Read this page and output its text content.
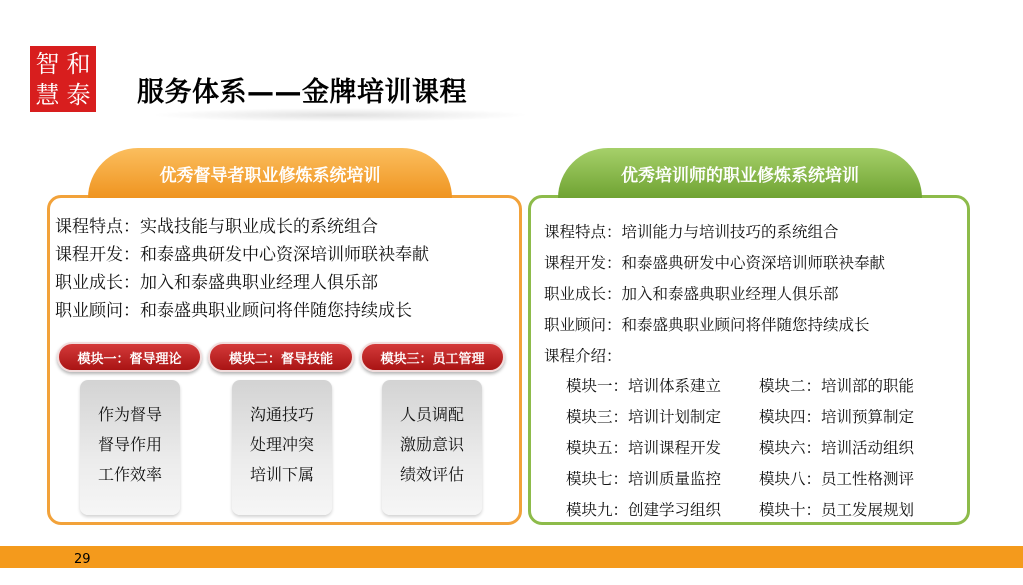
智 和
慧 泰 服务体系——金牌培训课程
优秀督导者职业修炼系统培训
课程特点：实战技能与职业成长的系统组合
课程开发：和泰盛典研发中心资深培训师联袂奉献
职业成长：加入和泰盛典职业经理人俱乐部
职业顾问：和泰盛典职业顾问将伴随您持续成长
模块一：督导理论	模块二：督导技能	模块三：员工管理
作为督导
督导作用
工作效率
沟通技巧
处理冲突
培训下属
人员调配
激励意识
绩效评估
优秀培训师的职业修炼系统培训
课程特点：培训能力与培训技巧的系统组合
课程开发：和泰盛典研发中心资深培训师联袂奉献
职业成长：加入和泰盛典职业经理人俱乐部
职业顾问：和泰盛典职业顾问将伴随您持续成长
课程介绍：
模块一：培训体系建立	模块二：培训部的职能
模块三：培训计划制定	模块四：培训预算制定
模块五：培训课程开发	模块六：培训活动组织
模块七：培训质量监控	模块八：员工性格测评
模块九：创建学习组织	模块十：员工发展规划
29
